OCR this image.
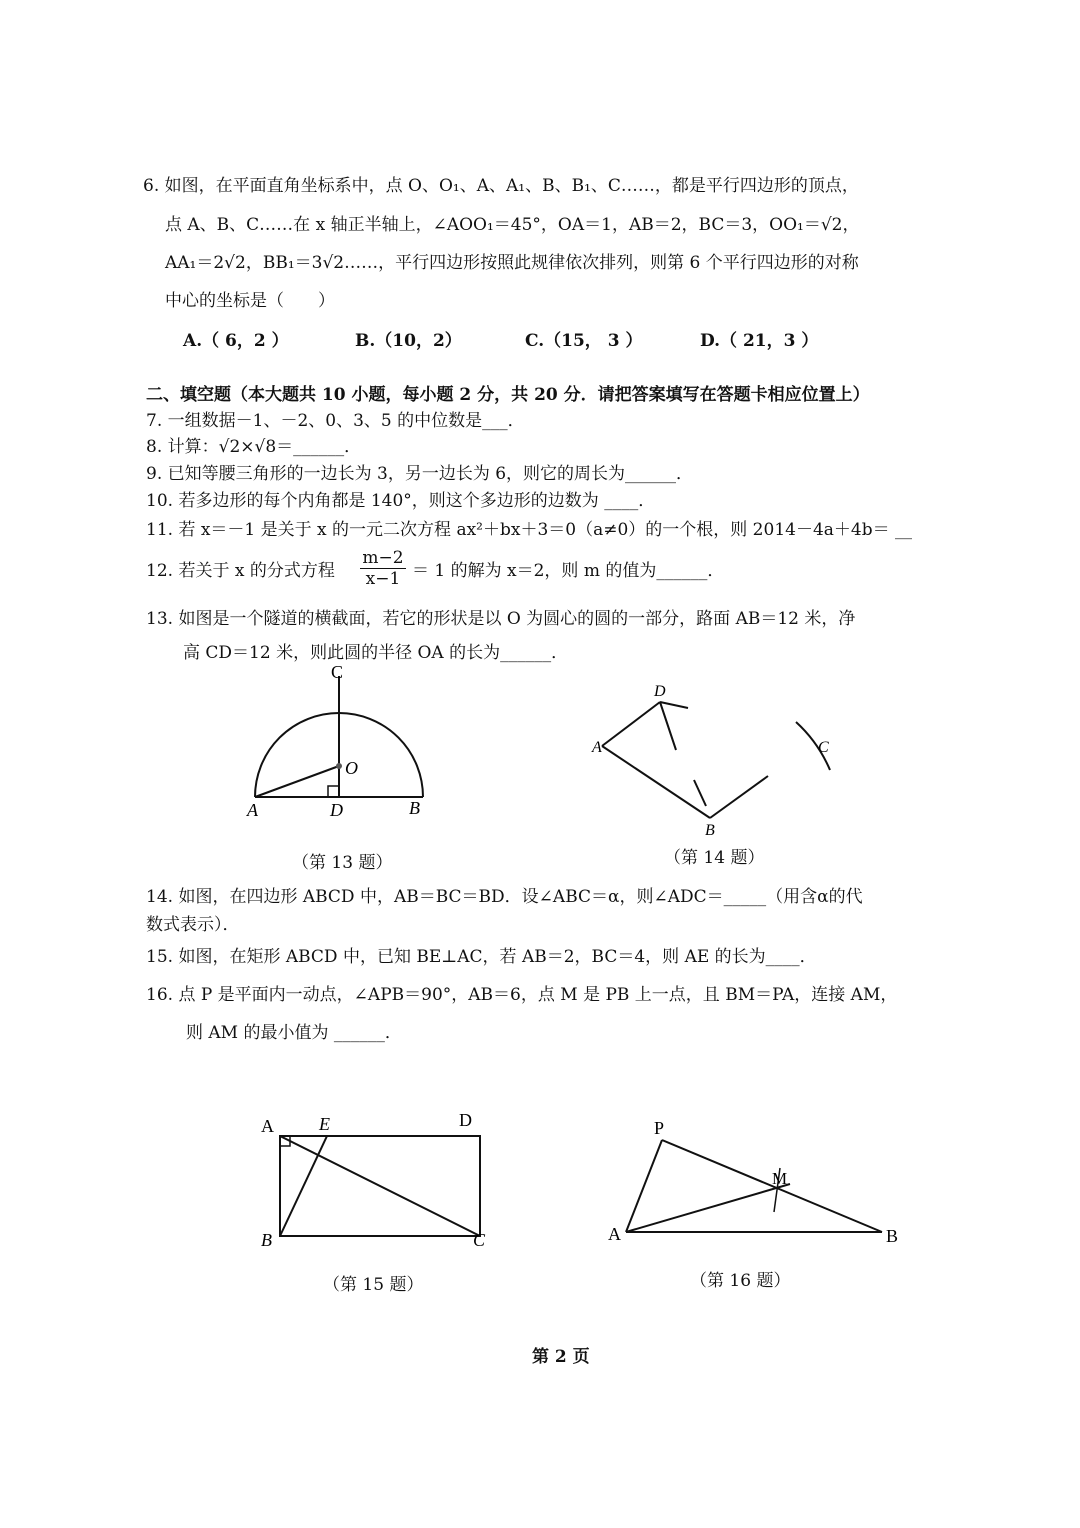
6. 如图，在平面直角坐标系中，点 O、O₁、A、A₁、B、B₁、C……，都是平行四边形的顶点，
点 A、B、C……在 x 轴正半轴上，∠AOO₁＝45°，OA＝1，AB＝2，BC＝3，OO₁＝√2，
AA₁＝2√2，BB₁＝3√2……，平行四边形按照此规律依次排列，则第 6 个平行四边形的对称
中心的坐标是（　　）
A.（ 6，2 ）	B.（10，2）	C.（15， 3 ）	D.（ 21，3 ）
二、填空题（本大题共 10 小题，每小题 2 分，共 20 分．请把答案填写在答题卡相应位置上）
7. 一组数据－1、－2、0、3、5 的中位数是___．
8. 计算：√2×√8＝______．
9. 已知等腰三角形的一边长为 3，另一边长为 6，则它的周长为______．
10. 若多边形的每个内角都是 140°，则这个多边形的边数为 ____．
11. 若 x＝－1 是关于 x 的一元二次方程 ax²＋bx＋3＝0（a≠0）的一个根，则 2014－4a＋4b＝ __
12. 若关于 x 的分式方程 $\frac{m-2}{x-1} = 1$ 的解为 x＝2，则 m 的值为______．
13. 如图是一个隧道的横截面，若它的形状是以 O 为圆心的圆的一部分，路面 AB＝12 米，净
高 CD＝12 米，则此圆的半径 OA 的长为______．
C
O
A	D	B
（第 13 题）
D
A
B
C
（第 14 题）
14. 如图，在四边形 ABCD 中，AB＝BC＝BD．设∠ABC＝α，则∠ADC＝_____（用含α的代
数式表示）．
15. 如图，在矩形 ABCD 中，已知 BE⊥AC，若 AB＝2，BC＝4，则 AE 的长为____．
16. 点 P 是平面内一动点，∠APB＝90°，AB＝6，点 M 是 PB 上一点，且 BM＝PA，连接 AM，
则 AM 的最小值为 ______．
A	E	D
B	C
（第 15 题）
P
M
A	B
（第 16 题）
第 2 页
